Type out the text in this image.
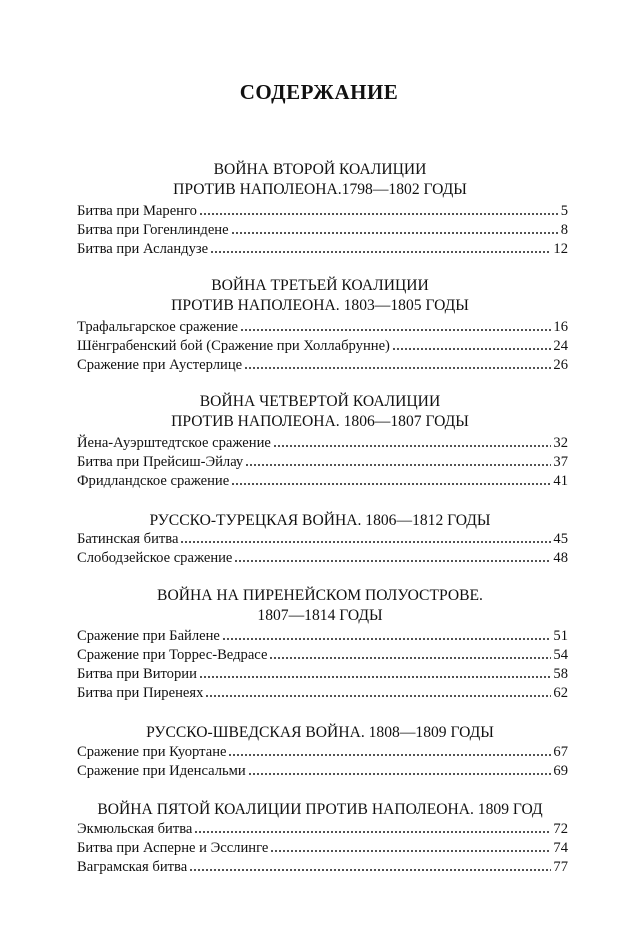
СОДЕРЖАНИЕ
ВОЙНА ВТОРОЙ КОАЛИЦИИ
ПРОТИВ НАПОЛЕОНА.1798—1802 ГОДЫ
Битва при Маренго	5
Битва при Гогенлиндене	8
Битва при Асландузе	12
ВОЙНА ТРЕТЬЕЙ КОАЛИЦИИ
ПРОТИВ НАПОЛЕОНА. 1803—1805 ГОДЫ
Трафальгарское сражение	16
Шёнграбенский бой (Сражение при Холлабрунне)	24
Сражение при Аустерлице	26
ВОЙНА ЧЕТВЕРТОЙ КОАЛИЦИИ
ПРОТИВ НАПОЛЕОНА. 1806—1807 ГОДЫ
Йена-Ауэрштедтское сражение	32
Битва при Прейсиш-Эйлау	37
Фридландское сражение	41
РУССКО-ТУРЕЦКАЯ ВОЙНА. 1806—1812 ГОДЫ
Батинская битва	45
Слободзейское сражение	48
ВОЙНА НА ПИРЕНЕЙСКОМ ПОЛУОСТРОВЕ.
1807—1814 ГОДЫ
Сражение при Байлене	51
Сражение при Торрес-Ведрасе	54
Битва при Витории	58
Битва при Пиренеях	62
РУССКО-ШВЕДСКАЯ ВОЙНА. 1808—1809 ГОДЫ
Сражение при Куортане	67
Сражение при Иденсальми	69
ВОЙНА ПЯТОЙ КОАЛИЦИИ ПРОТИВ НАПОЛЕОНА. 1809 ГОД
Экмюльская битва	72
Битва при Асперне и Эсслинге	74
Ваграмская битва	77
